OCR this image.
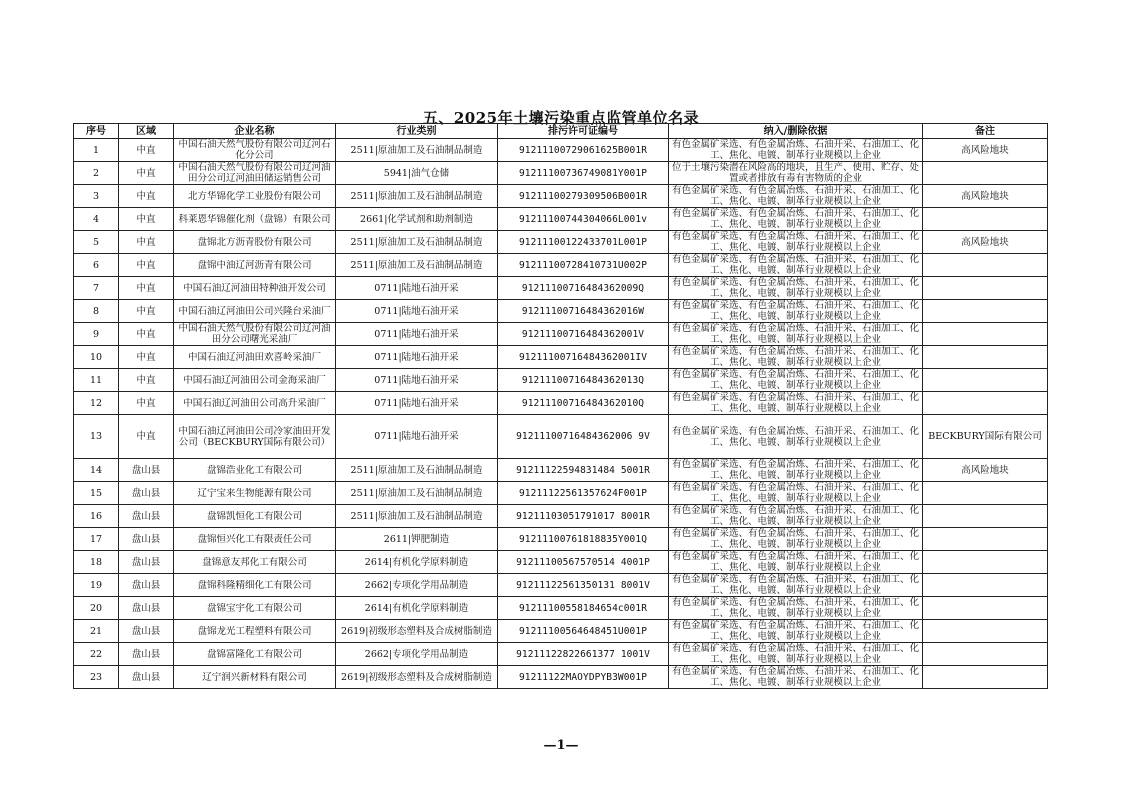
五、2025年土壤污染重点监管单位名录
序号	区域	企业名称	行业类别	排污许可证编号	纳入/删除依据	备注
1	中直	中国石油天然气股份有限公司辽河石化分公司	2511|原油加工及石油制品制造	91211100729061625B001R	有色金属矿采选、有色金属冶炼、石油开采、石油加工、化工、焦化、电镀、制革行业规模以上企业	高风险地块
2	中直	中国石油天然气股份有限公司辽河油田分公司辽河油田储运销售公司	5941|油气仓储	91211100736749081Y001P	位于土壤污染潜在风险高的地块，且生产、使用、贮存、处置或者排放有毒有害物质的企业	

3	中直	北方华锦化学工业股份有限公司	2511|原油加工及石油制品制造	91211100279309506B001R	有色金属矿采选、有色金属冶炼、石油开采、石油加工、化工、焦化、电镀、制革行业规模以上企业	高风险地块
4	中直	科莱恩华锦催化剂（盘锦）有限公司	2661|化学试剂和助剂制造	91211100744304066L001v	有色金属矿采选、有色金属冶炼、石油开采、石油加工、化工、焦化、电镀、制革行业规模以上企业	

5	中直	盘锦北方沥青股份有限公司	2511|原油加工及石油制品制造	91211100122433701L001P	有色金属矿采选、有色金属冶炼、石油开采、石油加工、化工、焦化、电镀、制革行业规模以上企业	高风险地块
6	中直	盘锦中油辽河沥青有限公司	2511|原油加工及石油制品制造	91211100728410731U002P	有色金属矿采选、有色金属冶炼、石油开采、石油加工、化工、焦化、电镀、制革行业规模以上企业	

7	中直	中国石油辽河油田特种油开发公司	0711|陆地石油开采	91211100716484362009Q	有色金属矿采选、有色金属冶炼、石油开采、石油加工、化工、焦化、电镀、制革行业规模以上企业	

8	中直	中国石油辽河油田公司兴隆台采油厂	0711|陆地石油开采	91211100716484362016W	有色金属矿采选、有色金属冶炼、石油开采、石油加工、化工、焦化、电镀、制革行业规模以上企业	

9	中直	中国石油天然气股份有限公司辽河油田分公司曙光采油厂	0711|陆地石油开采	91211100716484362001V	有色金属矿采选、有色金属冶炼、石油开采、石油加工、化工、焦化、电镀、制革行业规模以上企业	

10	中直	中国石油辽河油田欢喜岭采油厂	0711|陆地石油开采	91211100716484362001IV	有色金属矿采选、有色金属冶炼、石油开采、石油加工、化工、焦化、电镀、制革行业规模以上企业	

11	中直	中国石油辽河油田公司金海采油厂	0711|陆地石油开采	91211100716484362013Q	有色金属矿采选、有色金属冶炼、石油开采、石油加工、化工、焦化、电镀、制革行业规模以上企业	

12	中直	中国石油辽河油田公司高升采油厂	0711|陆地石油开采	91211100716484362010Q	有色金属矿采选、有色金属冶炼、石油开采、石油加工、化工、焦化、电镀、制革行业规模以上企业	

13	中直	中国石油辽河油田公司冷家油田开发公司（BECKBURY国际有限公司）	0711|陆地石油开采	91211100716484362006 9V	有色金属矿采选、有色金属冶炼、石油开采、石油加工、化工、焦化、电镀、制革行业规模以上企业	BECKBURY国际有限公司
14	盘山县	盘锦浩业化工有限公司	2511|原油加工及石油制品制造	91211122594831484 5001R	有色金属矿采选、有色金属冶炼、石油开采、石油加工、化工、焦化、电镀、制革行业规模以上企业	高风险地块
15	盘山县	辽宁宝来生物能源有限公司	2511|原油加工及石油制品制造	91211122561357624F001P	有色金属矿采选、有色金属冶炼、石油开采、石油加工、化工、焦化、电镀、制革行业规模以上企业	

16	盘山县	盘锦凯恒化工有限公司	2511|原油加工及石油制品制造	91211103051791017 8001R	有色金属矿采选、有色金属冶炼、石油开采、石油加工、化工、焦化、电镀、制革行业规模以上企业	

17	盘山县	盘锦恒兴化工有限责任公司	2611|钾肥制造	91211100761818835Y001Q	有色金属矿采选、有色金属冶炼、石油开采、石油加工、化工、焦化、电镀、制革行业规模以上企业	

18	盘山县	盘锦意友邦化工有限公司	2614|有机化学原料制造	91211100567570514 4001P	有色金属矿采选、有色金属冶炼、石油开采、石油加工、化工、焦化、电镀、制革行业规模以上企业	

19	盘山县	盘锦科隆精细化工有限公司	2662|专项化学用品制造	91211122561350131 8001V	有色金属矿采选、有色金属冶炼、石油开采、石油加工、化工、焦化、电镀、制革行业规模以上企业	

20	盘山县	盘锦宝宇化工有限公司	2614|有机化学原料制造	91211100558184654c001R	有色金属矿采选、有色金属冶炼、石油开采、石油加工、化工、焦化、电镀、制革行业规模以上企业	

21	盘山县	盘锦龙光工程塑料有限公司	2619|初级形态塑料及合成树脂制造	91211100564648451U001P	有色金属矿采选、有色金属冶炼、石油开采、石油加工、化工、焦化、电镀、制革行业规模以上企业	

22	盘山县	盘锦富隆化工有限公司	2662|专项化学用品制造	91211122822661377 1001V	有色金属矿采选、有色金属冶炼、石油开采、石油加工、化工、焦化、电镀、制革行业规模以上企业	

23	盘山县	辽宁润兴新材料有限公司	2619|初级形态塑料及合成树脂制造	91211122MAOYDPYB3W001P	有色金属矿采选、有色金属冶炼、石油开采、石油加工、化工、焦化、电镀、制革行业规模以上企业	

—1—
